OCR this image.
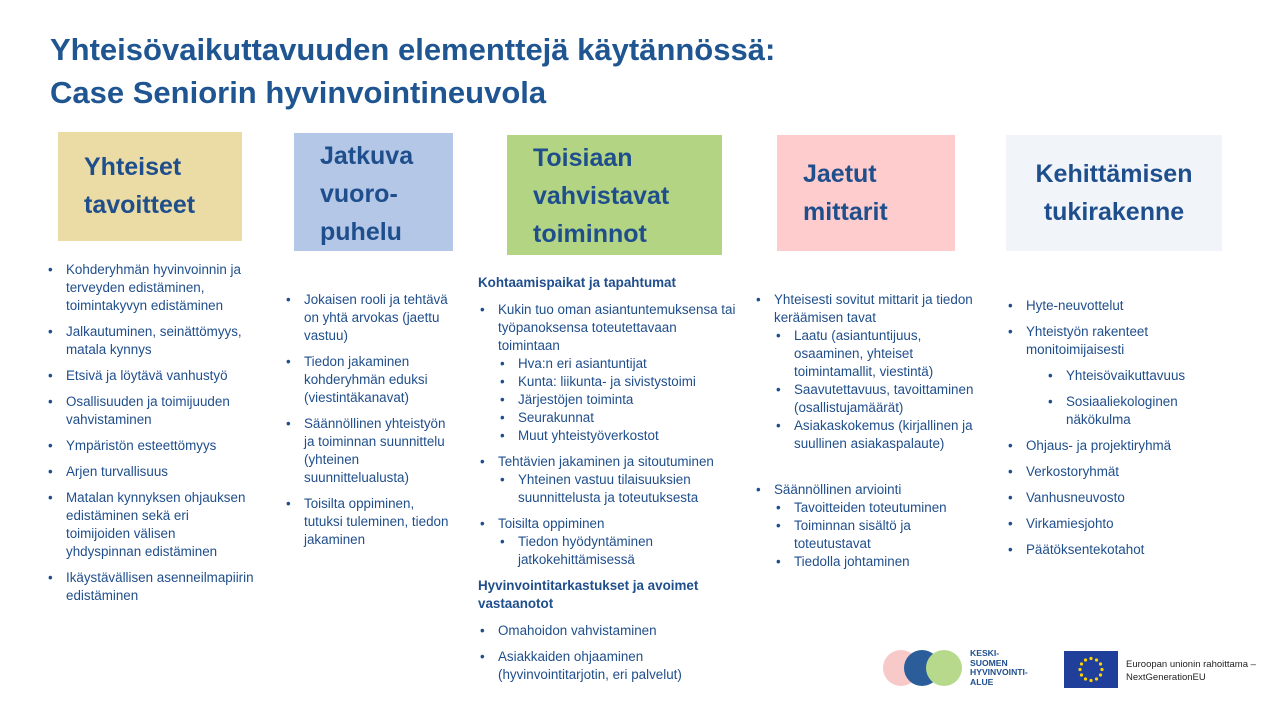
Yhteisövaikuttavuuden elementtejä käytännössä:
Case Seniorin hyvinvointineuvola
Yhteiset
tavoitteet
Jatkuva
vuoro-
puhelu
Toisiaan
vahvistavat
toiminnot
Jaetut
mittarit
Kehittämisen
tukirakenne
• Kohderyhmän hyvinvoinnin ja terveyden edistäminen, toimintakyvyn edistäminen
• Jalkautuminen, seinättömyys, matala kynnys
• Etsivä ja löytävä vanhustyö
• Osallisuuden ja toimijuuden vahvistaminen
• Ympäristön esteettömyys
• Arjen turvallisuus
• Matalan kynnyksen ohjauksen edistäminen sekä eri toimijoiden välisen yhdyspinnan edistäminen
• Ikäystävällisen asenneilmapiirin edistäminen
• Jokaisen rooli ja tehtävä on yhtä arvokas (jaettu vastuu)
• Tiedon jakaminen kohderyhmän eduksi (viestintäkanavat)
• Säännöllinen yhteistyön ja toiminnan suunnittelu (yhteinen suunnittelualusta)
• Toisilta oppiminen, tutuksi tuleminen, tiedon jakaminen
Kohtaamispaikat ja tapahtumat
• Kukin tuo oman asiantuntemuksensa tai työpanoksensa toteutettavaan toimintaan
• Hva:n eri asiantuntijat
• Kunta: liikunta- ja sivistystoimi
• Järjestöjen toiminta
• Seurakunnat
• Muut yhteistyöverkostot
• Tehtävien jakaminen ja sitoutuminen
• Yhteinen vastuu tilaisuuksien suunnittelusta ja toteutuksesta
• Toisilta oppiminen
• Tiedon hyödyntäminen jatkokehittämisessä
Hyvinvointitarkastukset ja avoimet vastaanotot
• Omahoidon vahvistaminen
• Asiakkaiden ohjaaminen (hyvinvointitarjotin, eri palvelut)
• Yhteisesti sovitut mittarit ja tiedon keräämisen tavat
• Laatu (asiantuntijuus, osaaminen, yhteiset toimintamallit, viestintä)
• Saavutettavuus, tavoittaminen (osallistujamäärät)
• Asiakaskokemus (kirjallinen ja suullinen asiakaspalaute)
• Säännöllinen arviointi
• Tavoitteiden toteutuminen
• Toiminnan sisältö ja toteutustavat
• Tiedolla johtaminen
• Hyte-neuvottelut
• Yhteistyön rakenteet monitoimijaisesti
• Yhteisövaikuttavuus
• Sosiaaliekologinen näkökulma
• Ohjaus- ja projektiryhmä
• Verkostoryhmät
• Vanhusneuvosto
• Virkamiesjohto
• Päätöksentekotahot
KESKI-
SUOMEN
HYVINVOINTI-
ALUE
Euroopan unionin rahoittama –
NextGenerationEU
